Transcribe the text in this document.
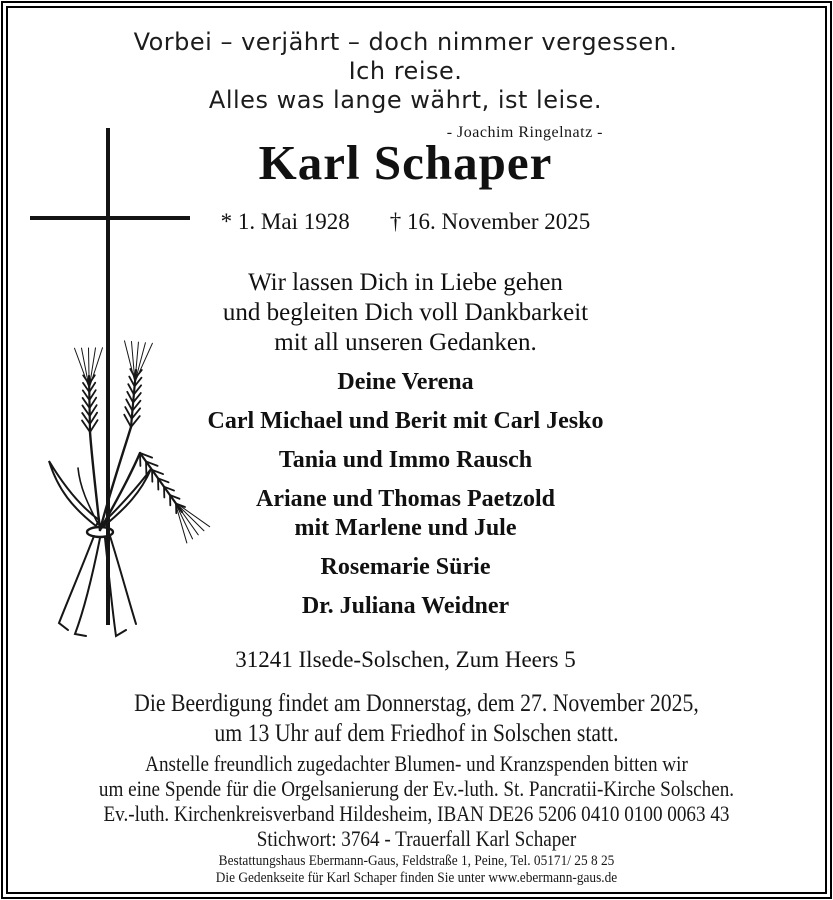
Vorbei – verjährt – doch nimmer vergessen.
Ich reise.
Alles was lange währt, ist leise.
- Joachim Ringelnatz -
Karl Schaper
* 1. Mai 1928 † 16. November 2025
Wir lassen Dich in Liebe gehen
und begleiten Dich voll Dankbarkeit
mit all unseren Gedanken.
Deine Verena
Carl Michael und Berit mit Carl Jesko
Tania und Immo Rausch
Ariane und Thomas Paetzold
mit Marlene und Jule
Rosemarie Sürie
Dr. Juliana Weidner
31241 Ilsede-Solschen, Zum Heers 5
Die Beerdigung findet am Donnerstag, dem 27. November 2025,
um 13 Uhr auf dem Friedhof in Solschen statt.
Anstelle freundlich zugedachter Blumen- und Kranzspenden bitten wir
um eine Spende für die Orgelsanierung der Ev.-luth. St. Pancratii-Kirche Solschen.
Ev.-luth. Kirchenkreisverband Hildesheim, IBAN DE26 5206 0410 0100 0063 43
Stichwort: 3764 - Trauerfall Karl Schaper
Bestattungshaus Ebermann-Gaus, Feldstraße 1, Peine, Tel. 05171/ 25 8 25
Die Gedenkseite für Karl Schaper finden Sie unter www.ebermann-gaus.de
